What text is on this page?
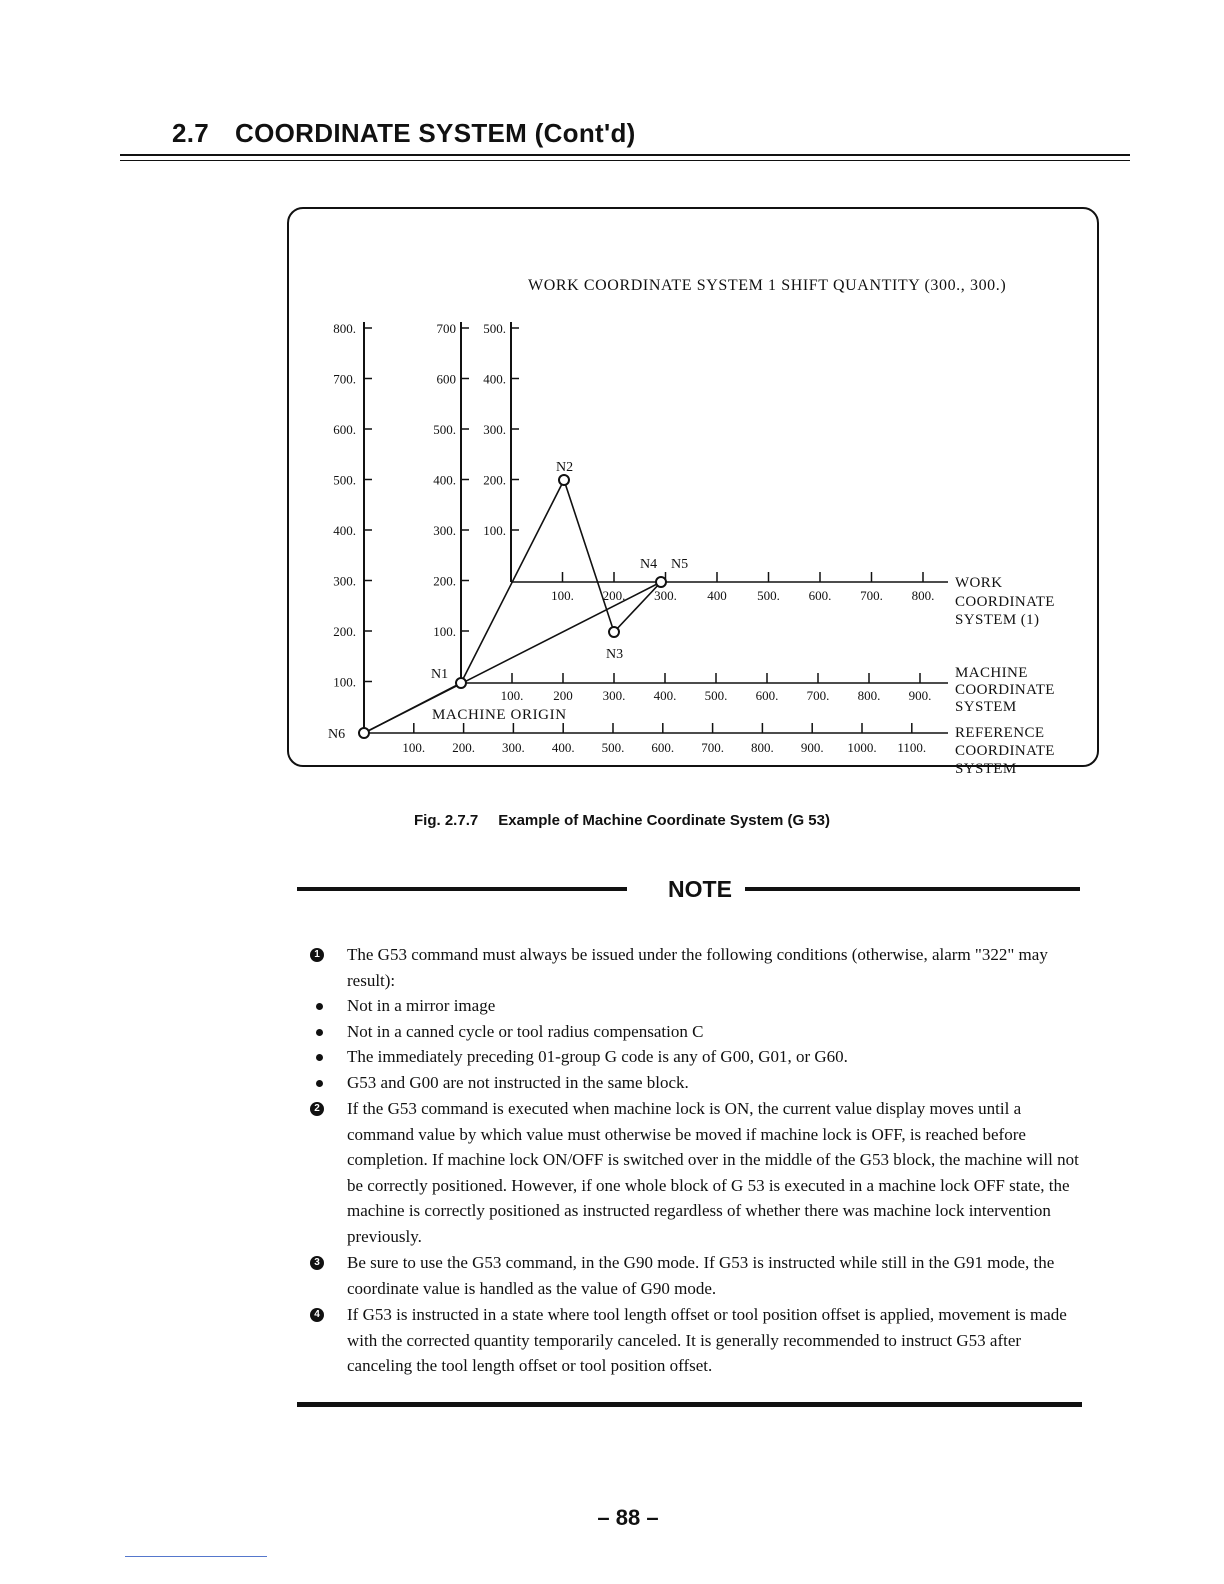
2.7 COORDINATE SYSTEM (Cont'd)
WORK COORDINATE SYSTEM 1 SHIFT QUANTITY (300., 300.)
800.
700.
600.
500.
400.
300.
200.
100.
700
600
500.
400.
300.
200.
100.
500.
400.
300.
200.
100.
100. 200. 300. 400 500. 600. 700. 800.
100. 200 300. 400. 500. 600. 700. 800. 900.
100. 200. 300. 400. 500. 600. 700. 800. 900. 1000. 1100.
N1
N2
N3
N4 N5
N6
MACHINE ORIGIN
WORK
COORDINATE
SYSTEM (1)
MACHINE
COORDINATE
SYSTEM
REFERENCE
COORDINATE
SYSTEM
Fig. 2.7.7 Example of Machine Coordinate System (G 53)
NOTE
1 The G53 command must always be issued under the following conditions (otherwise, alarm "322" may result):
Not in a mirror image
Not in a canned cycle or tool radius compensation C
The immediately preceding 01-group G code is any of G00, G01, or G60.
G53 and G00 are not instructed in the same block.
2 If the G53 command is executed when machine lock is ON, the current value display moves until a command value by which value must otherwise be moved if machine lock is OFF, is reached before completion. If machine lock ON/OFF is switched over in the middle of the G53 block, the machine will not be correctly positioned. However, if one whole block of G 53 is executed in a machine lock OFF state, the machine is correctly positioned as instructed regardless of whether there was machine lock intervention previously.
3 Be sure to use the G53 command, in the G90 mode. If G53 is instructed while still in the G91 mode, the coordinate value is handled as the value of G90 mode.
4 If G53 is instructed in a state where tool length offset or tool position offset is applied, movement is made with the corrected quantity temporarily canceled. It is generally recommended to instruct G53 after canceling the tool length offset or tool position offset.
– 88 –
